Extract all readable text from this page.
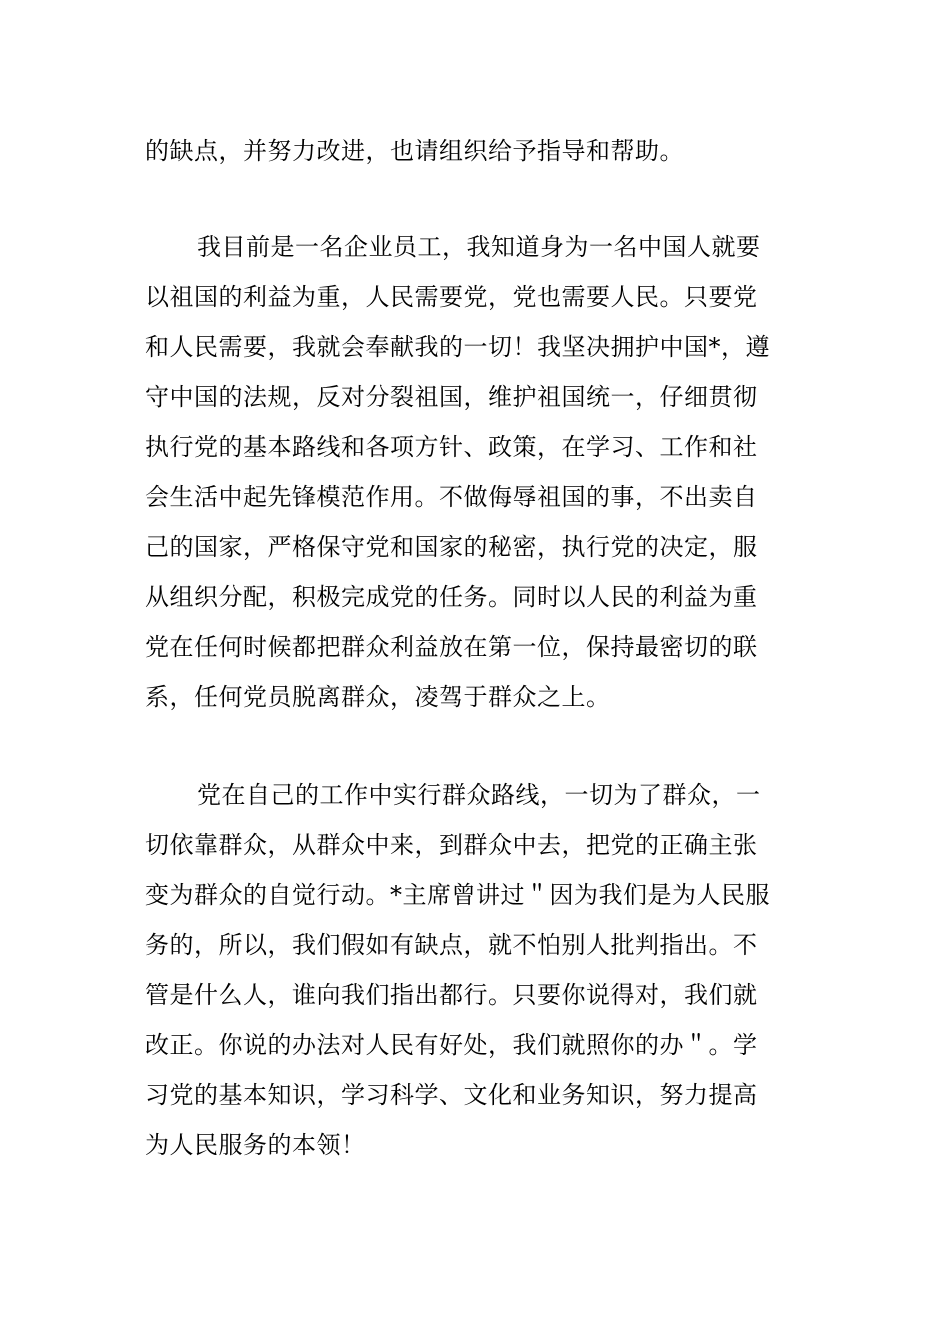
的缺点，并努力改进，也请组织给予指导和帮助。
我目前是一名企业员工，我知道身为一名中国人就要
以祖国的利益为重，人民需要党，党也需要人民。只要党
和人民需要，我就会奉献我的一切！我坚决拥护中国*，遵
守中国的法规，反对分裂祖国，维护祖国统一，仔细贯彻
执行党的基本路线和各项方针、政策，在学习、工作和社
会生活中起先锋模范作用。不做侮辱祖国的事，不出卖自
己的国家，严格保守党和国家的秘密，执行党的决定，服
从组织分配，积极完成党的任务。同时以人民的利益为重
党在任何时候都把群众利益放在第一位，保持最密切的联
系，任何党员脱离群众，凌驾于群众之上。
党在自己的工作中实行群众路线，一切为了群众，一
切依靠群众，从群众中来，到群众中去，把党的正确主张
变为群众的自觉行动。*主席曾讲过＂因为我们是为人民服
务的，所以，我们假如有缺点，就不怕别人批判指出。不
管是什么人，谁向我们指出都行。只要你说得对，我们就
改正。你说的办法对人民有好处，我们就照你的办＂。学
习党的基本知识，学习科学、文化和业务知识，努力提高
为人民服务的本领！
